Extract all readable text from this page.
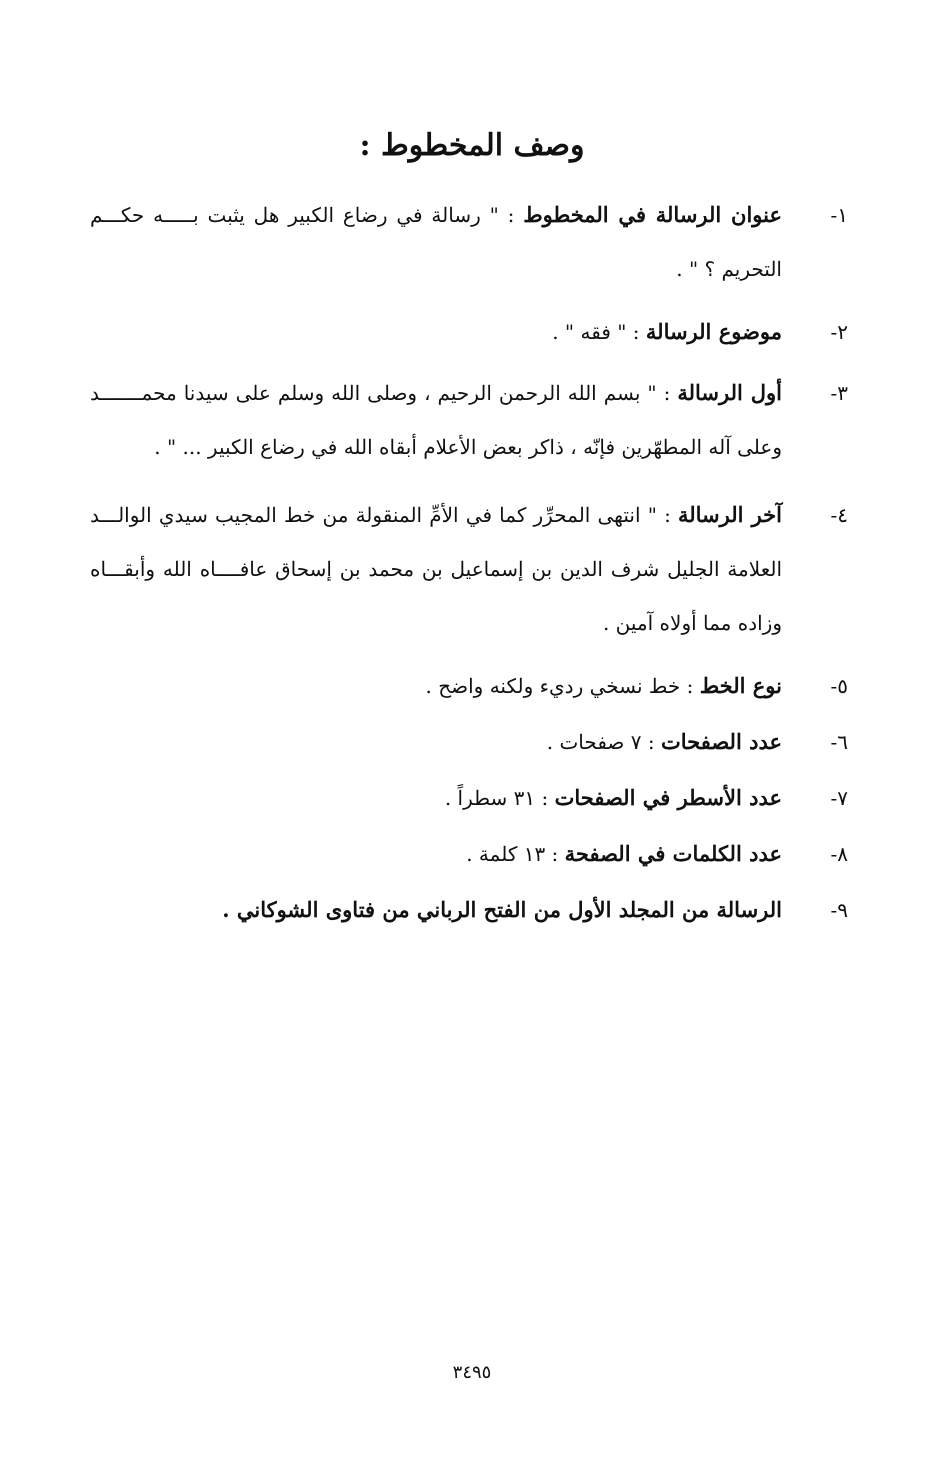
وصف المخطوط :
١-
عنوان الرسالة في المخطوط : " رسالة في رضاع الكبير هل يثبت بـــــه حكـــم التحريم ؟ " .
٢-
موضوع الرسالة : " فقه " .
٣-
أول الرسالة : " بسم الله الرحمن الرحيم ، وصلى الله وسلم على سيدنا محمـــــــد وعلى آله المطهّرين فإنّه ، ذاكر بعض الأعلام أبقاه الله في رضاع الكبير ... " .
٤-
آخر الرسالة : " انتهى المحرِّر كما في الأمِّ المنقولة من خط المجيب سيدي الوالـــد العلامة الجليل شرف الدين بن إسماعيل بن محمد بن إسحاق عافــــاه الله وأبقـــاه وزاده مما أولاه آمين .
٥-
نوع الخط : خط نسخي رديء ولكنه واضح .
٦-
عدد الصفحات : ٧ صفحات .
٧-
عدد الأسطر في الصفحات : ٣١ سطراً .
٨-
عدد الكلمات في الصفحة : ١٣ كلمة .
٩-
الرسالة من المجلد الأول من الفتح الرباني من فتاوى الشوكاني .
٣٤٩٥
